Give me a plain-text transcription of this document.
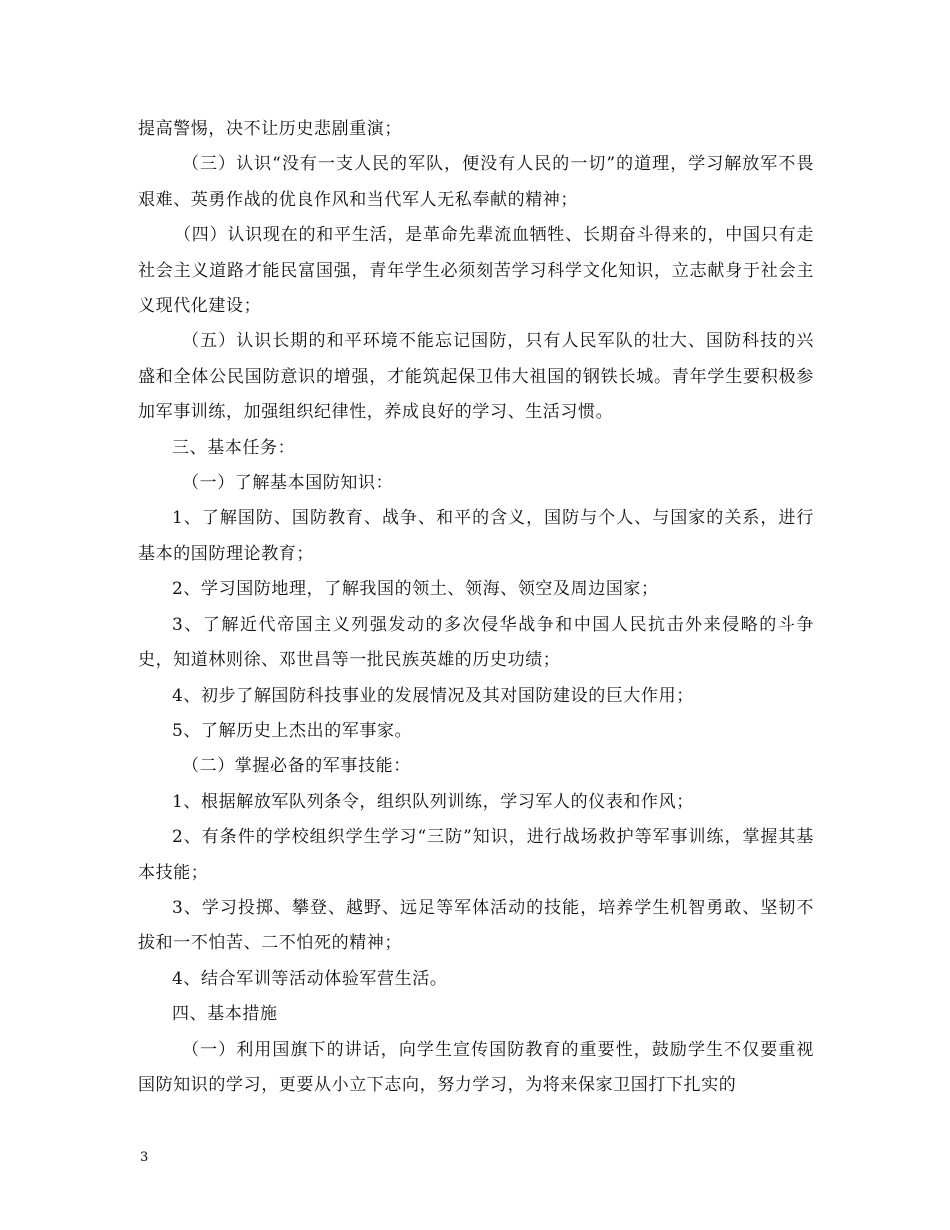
提高警惕，决不让历史悲剧重演；

（三）认识“没有一支人民的军队，便没有人民的一切”的道理，学习解放军不畏艰难、英勇作战的优良作风和当代军人无私奉献的精神；

（四）认识现在的和平生活，是革命先辈流血牺牲、长期奋斗得来的，中国只有走社会主义道路才能民富国强，青年学生必须刻苦学习科学文化知识，立志献身于社会主义现代化建设；

（五）认识长期的和平环境不能忘记国防，只有人民军队的壮大、国防科技的兴盛和全体公民国防意识的增强，才能筑起保卫伟大祖国的钢铁长城。青年学生要积极参加军事训练，加强组织纪律性，养成良好的学习、生活习惯。

三、基本任务：

（一）了解基本国防知识：

1、了解国防、国防教育、战争、和平的含义，国防与个人、与国家的关系，进行基本的国防理论教育；

2、学习国防地理，了解我国的领土、领海、领空及周边国家；

3、了解近代帝国主义列强发动的多次侵华战争和中国人民抗击外来侵略的斗争史，知道林则徐、邓世昌等一批民族英雄的历史功绩；

4、初步了解国防科技事业的发展情况及其对国防建设的巨大作用；

5、了解历史上杰出的军事家。

（二）掌握必备的军事技能：

1、根据解放军队列条令，组织队列训练，学习军人的仪表和作风；

2、有条件的学校组织学生学习“三防”知识，进行战场救护等军事训练，掌握其基本技能；

3、学习投掷、攀登、越野、远足等军体活动的技能，培养学生机智勇敢、坚韧不拔和一不怕苦、二不怕死的精神；

4、结合军训等活动体验军营生活。

四、基本措施

（一）利用国旗下的讲话，向学生宣传国防教育的重要性，鼓励学生不仅要重视国防知识的学习，更要从小立下志向，努力学习，为将来保家卫国打下扎实的

3
